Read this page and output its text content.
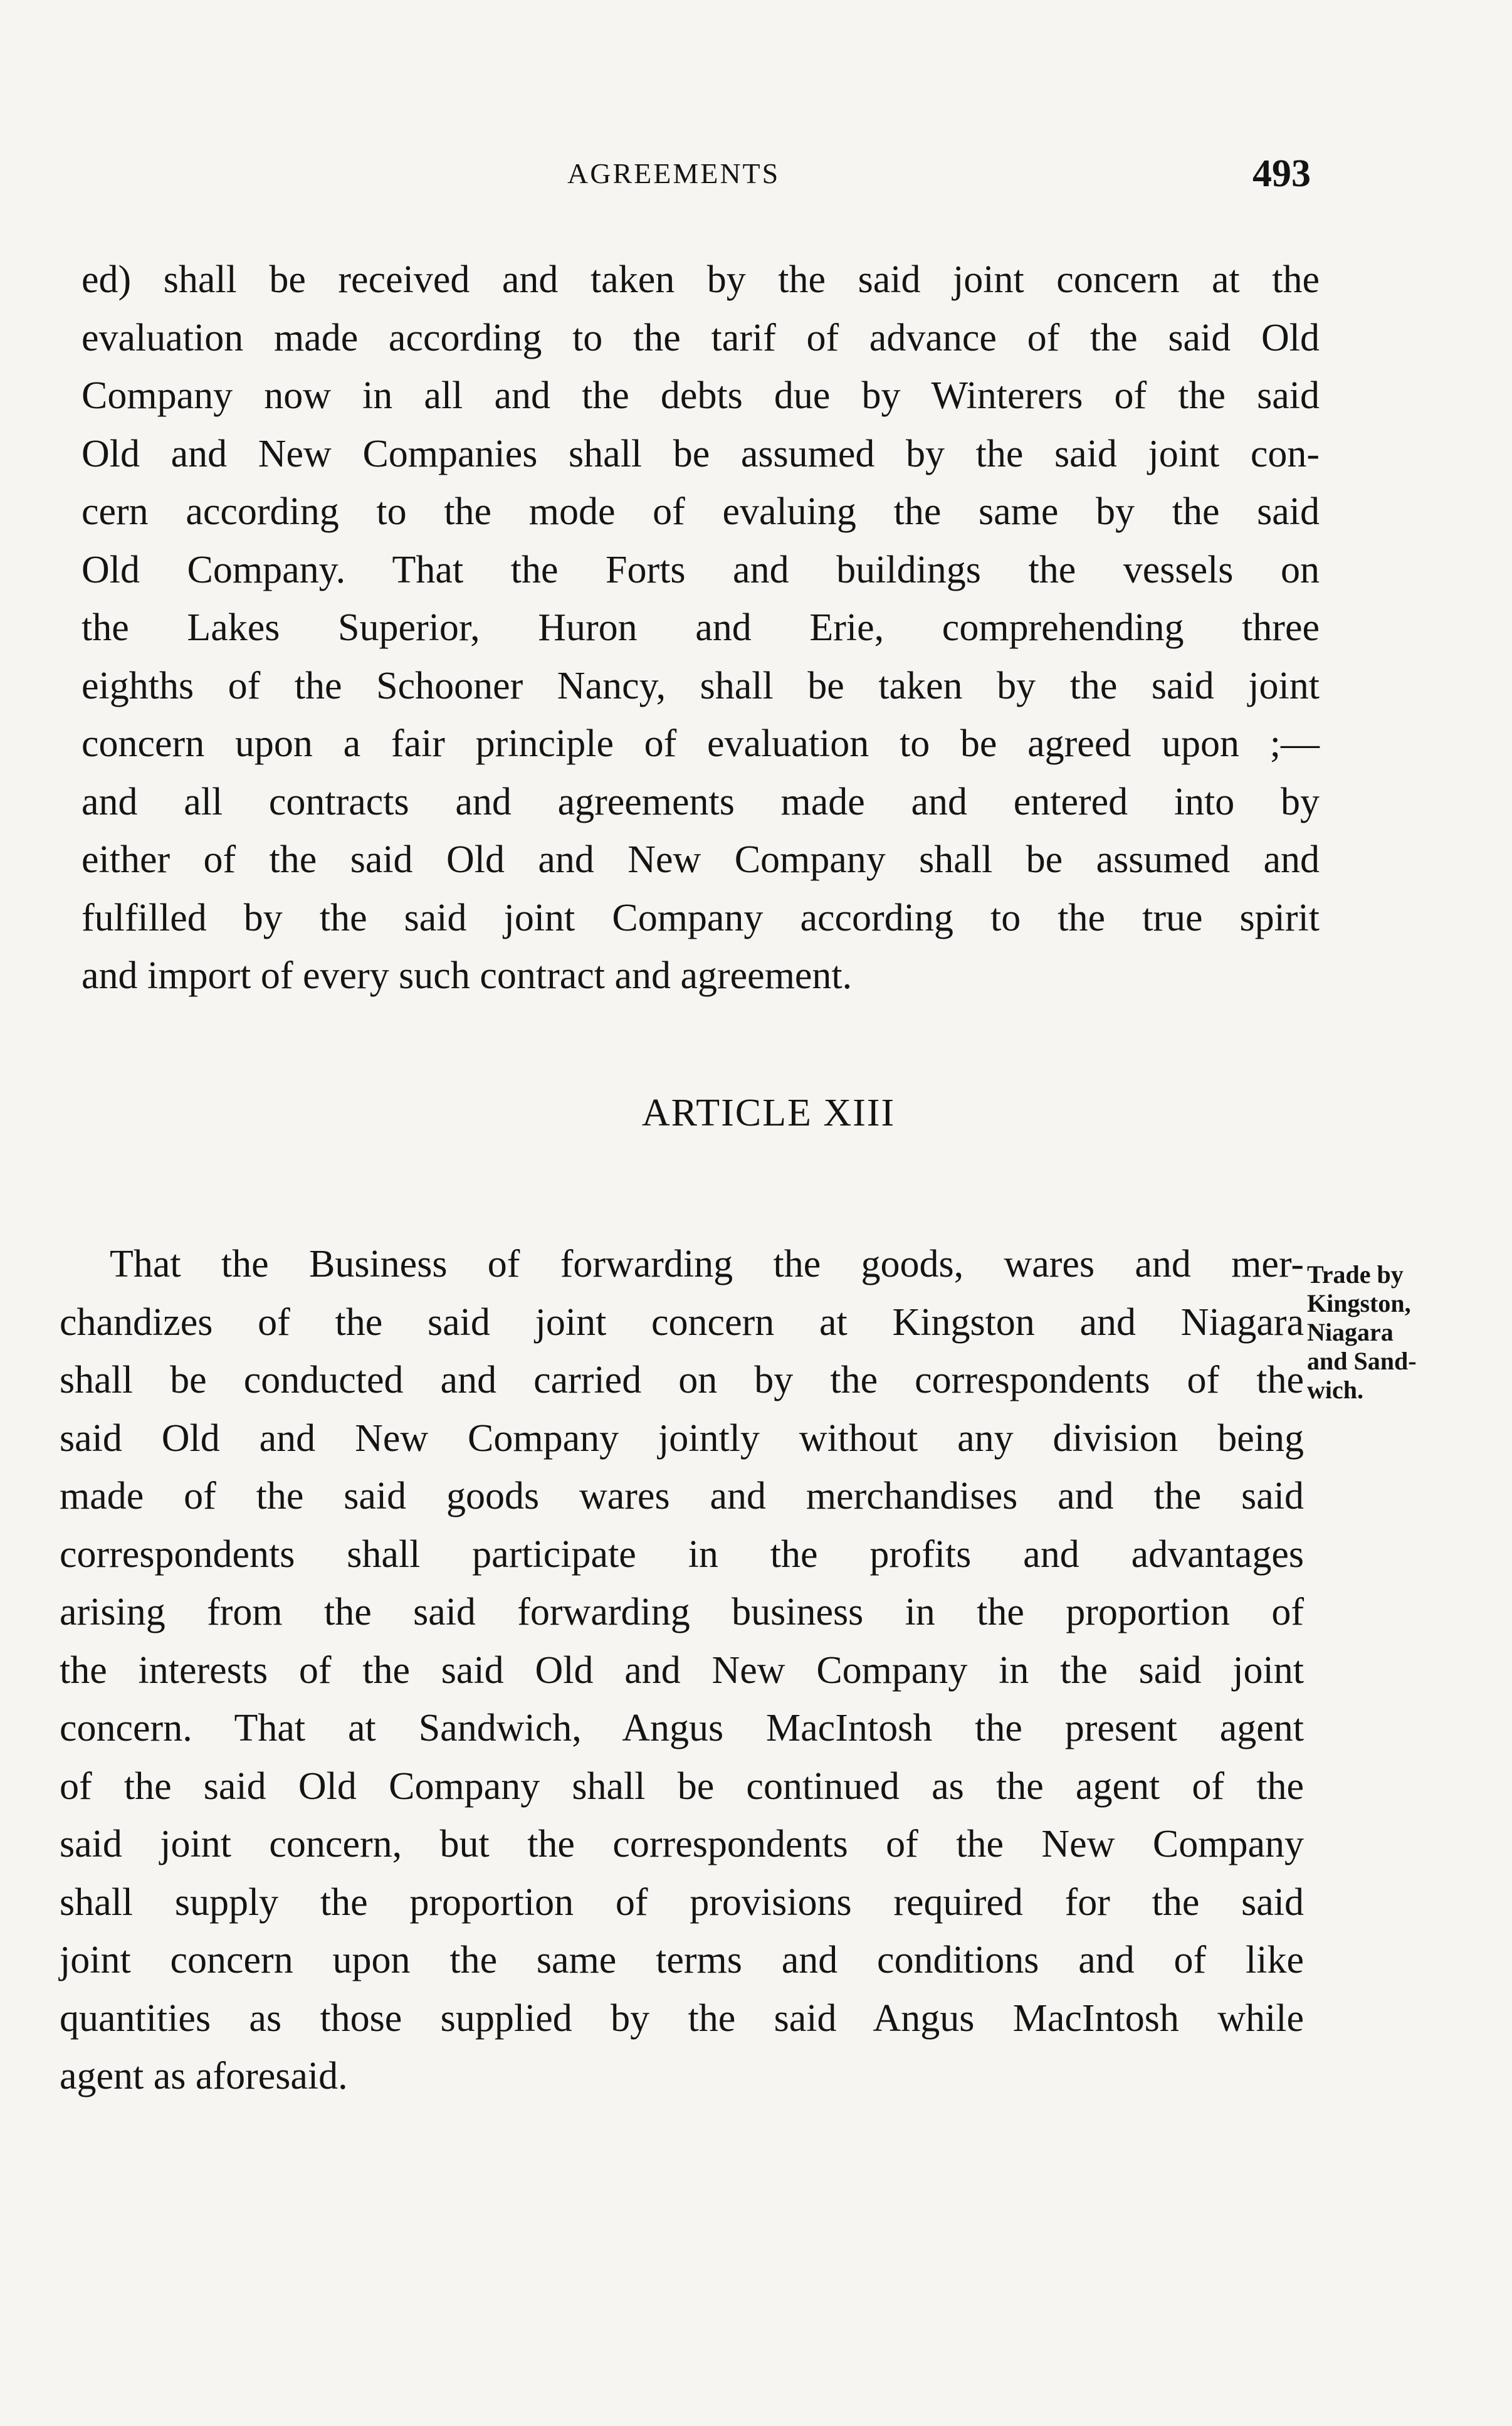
AGREEMENTS	493
ed) shall be received and taken by the said joint concern at the
evaluation made according to the tarif of advance of the said Old
Company now in all and the debts due by Winterers of the said
Old and New Companies shall be assumed by the said joint con-
cern according to the mode of evaluing the same by the said
Old Company. That the Forts and buildings the vessels on
the Lakes Superior, Huron and Erie, comprehending three
eighths of the Schooner Nancy, shall be taken by the said joint
concern upon a fair principle of evaluation to be agreed upon ;—
and all contracts and agreements made and entered into by
either of the said Old and New Company shall be assumed and
fulfilled by the said joint Company according to the true spirit
and import of every such contract and agreement.
ARTICLE XIII
That the Business of forwarding the goods, wares and mer-
chandizes of the said joint concern at Kingston and Niagara
shall be conducted and carried on by the correspondents of the
said Old and New Company jointly without any division being
made of the said goods wares and merchandises and the said
correspondents shall participate in the profits and advantages
arising from the said forwarding business in the proportion of
the interests of the said Old and New Company in the said joint
concern. That at Sandwich, Angus MacIntosh the present agent
of the said Old Company shall be continued as the agent of the
said joint concern, but the correspondents of the New Company
shall supply the proportion of provisions required for the said
joint concern upon the same terms and conditions and of like
quantities as those supplied by the said Angus MacIntosh while
agent as aforesaid.
Trade by
Kingston,
Niagara
and Sand-
wich.
